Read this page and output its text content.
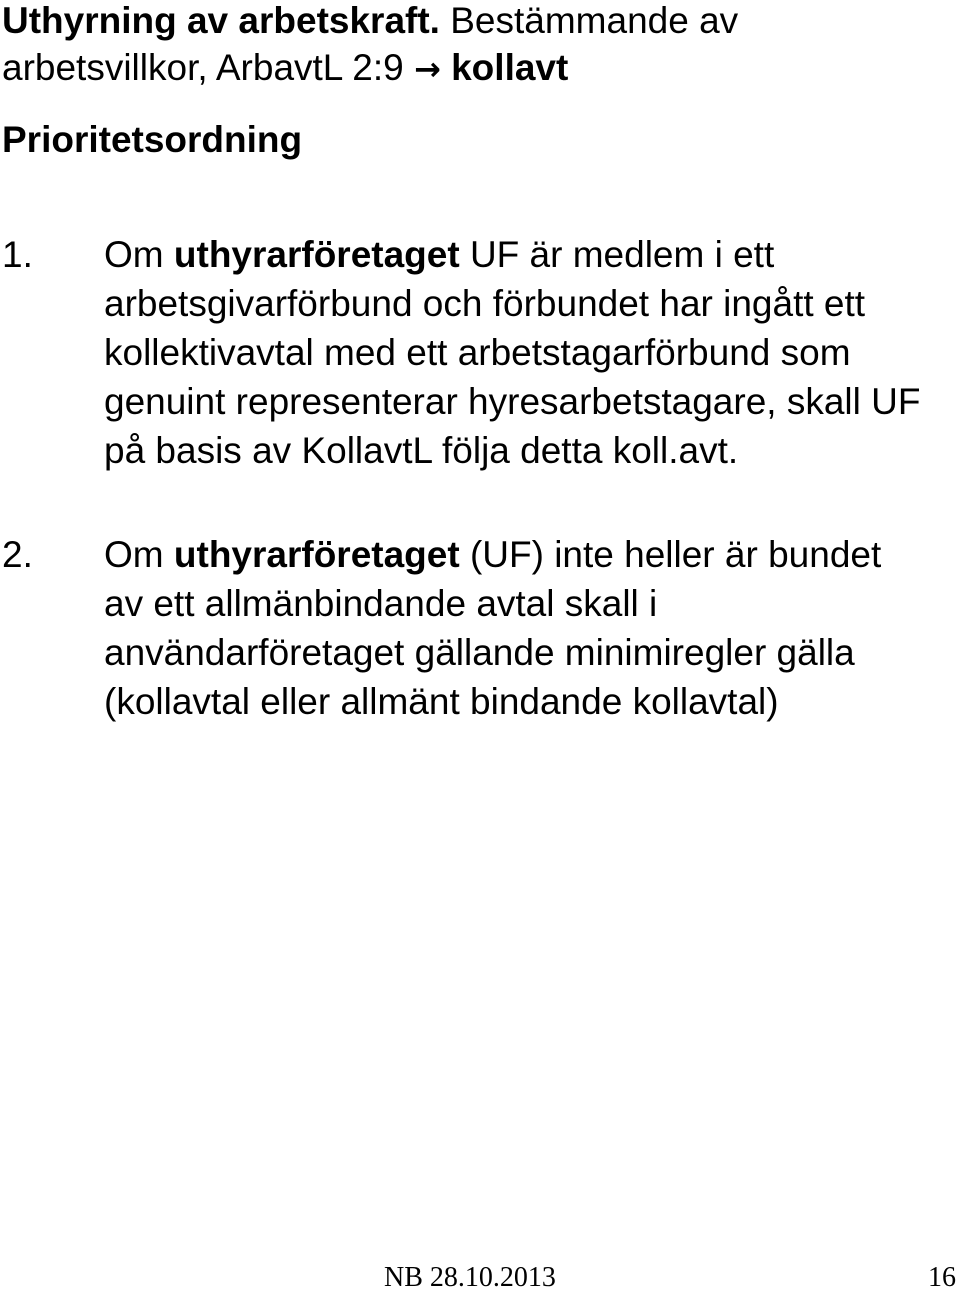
Uthyrning av arbetskraft. Bestämmande av
arbetsvillkor, ArbavtL 2:9 → kollavt
Prioritetsordning
1. Om uthyrarföretaget UF är medlem i ett
arbetsgivarförbund och förbundet har ingått ett
kollektivavtal med ett arbetstagarförbund som
genuint representerar hyresarbetstagare, skall UF
på basis av KollavtL följa detta koll.avt.
2. Om uthyrarföretaget (UF) inte heller är bundet
av ett allmänbindande avtal skall i
användarföretaget gällande minimiregler gälla
(kollavtal eller allmänt bindande kollavtal)
NB 28.10.2013	16
